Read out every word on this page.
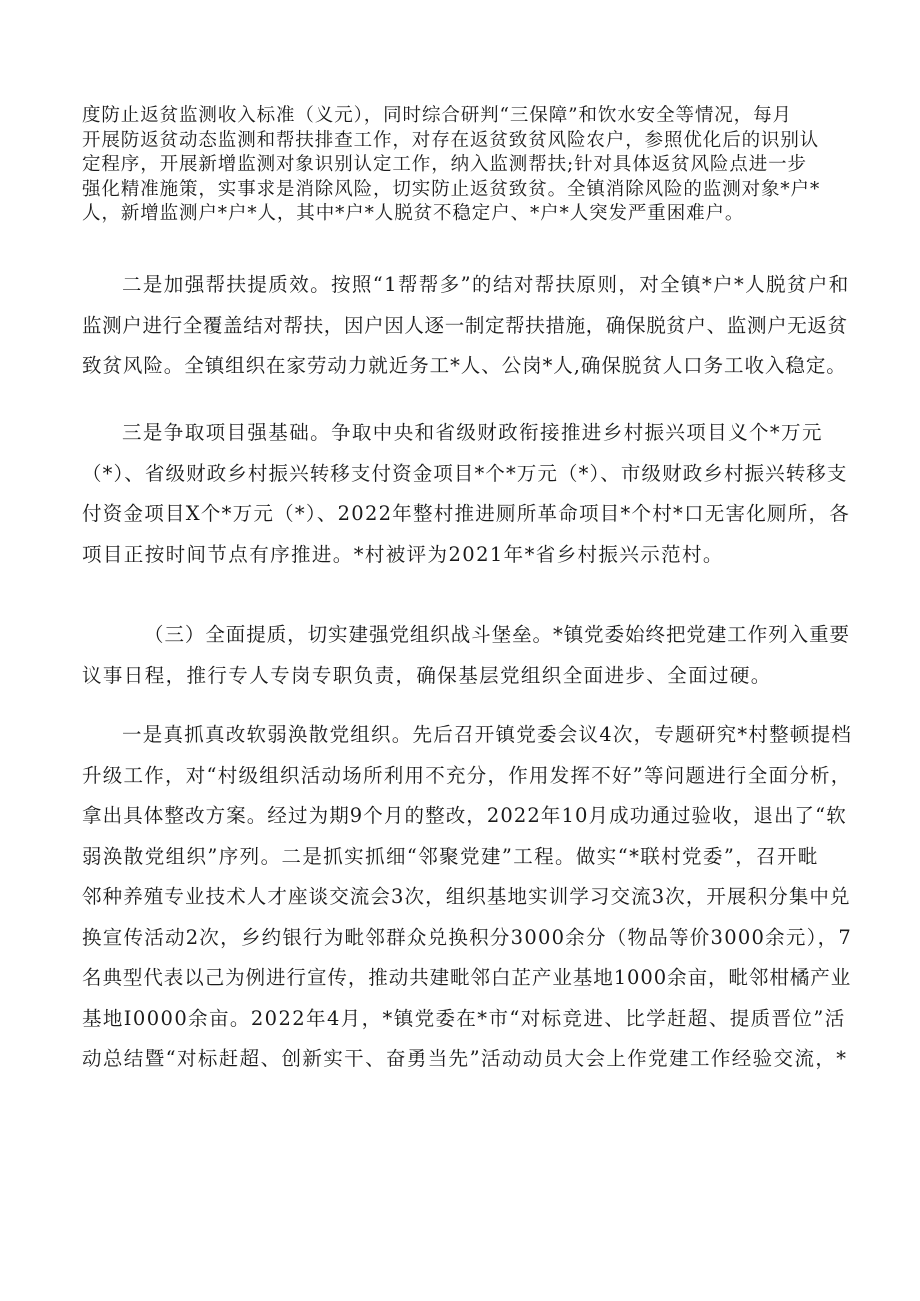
度防止返贫监测收入标准（义元），同时综合研判“三保障”和饮水安全等情况，每月
开展防返贫动态监测和帮扶排查工作，对存在返贫致贫风险农户，参照优化后的识别认
定程序，开展新增监测对象识别认定工作，纳入监测帮扶;针对具体返贫风险点进一步
强化精准施策，实事求是消除风险，切实防止返贫致贫。全镇消除风险的监测对象*户*
人，新增监测户*户*人，其中*户*人脱贫不稳定户、*户*人突发严重困难户。
二是加强帮扶提质效。按照“1帮帮多”的结对帮扶原则，对全镇*户*人脱贫户和
监测户进行全覆盖结对帮扶，因户因人逐一制定帮扶措施，确保脱贫户、监测户无返贫
致贫风险。全镇组织在家劳动力就近务工*人、公岗*人,确保脱贫人口务工收入稳定。
三是争取项目强基础。争取中央和省级财政衔接推进乡村振兴项目义个*万元
（*）、省级财政乡村振兴转移支付资金项目*个*万元（*）、市级财政乡村振兴转移支
付资金项目X个*万元（*）、2022年整村推进厕所革命项目*个村*口无害化厕所，各
项目正按时间节点有序推进。*村被评为2021年*省乡村振兴示范村。
（三）全面提质，切实建强党组织战斗堡垒。*镇党委始终把党建工作列入重要
议事日程，推行专人专岗专职负责，确保基层党组织全面进步、全面过硬。
一是真抓真改软弱涣散党组织。先后召开镇党委会议4次，专题研究*村整顿提档
升级工作，对“村级组织活动场所利用不充分，作用发挥不好”等问题进行全面分析，
拿出具体整改方案。经过为期9个月的整改，2022年10月成功通过验收，退出了“软
弱涣散党组织”序列。二是抓实抓细“邻聚党建”工程。做实“*联村党委”，召开毗
邻种养殖专业技术人才座谈交流会3次，组织基地实训学习交流3次，开展积分集中兑
换宣传活动2次，乡约银行为毗邻群众兑换积分3000余分（物品等价3000余元），7
名典型代表以己为例进行宣传，推动共建毗邻白芷产业基地1000余亩，毗邻柑橘产业
基地I0000余亩。2022年4月，*镇党委在*市“对标竞进、比学赶超、提质晋位”活
动总结暨“对标赶超、创新实干、奋勇当先”活动动员大会上作党建工作经验交流，*
